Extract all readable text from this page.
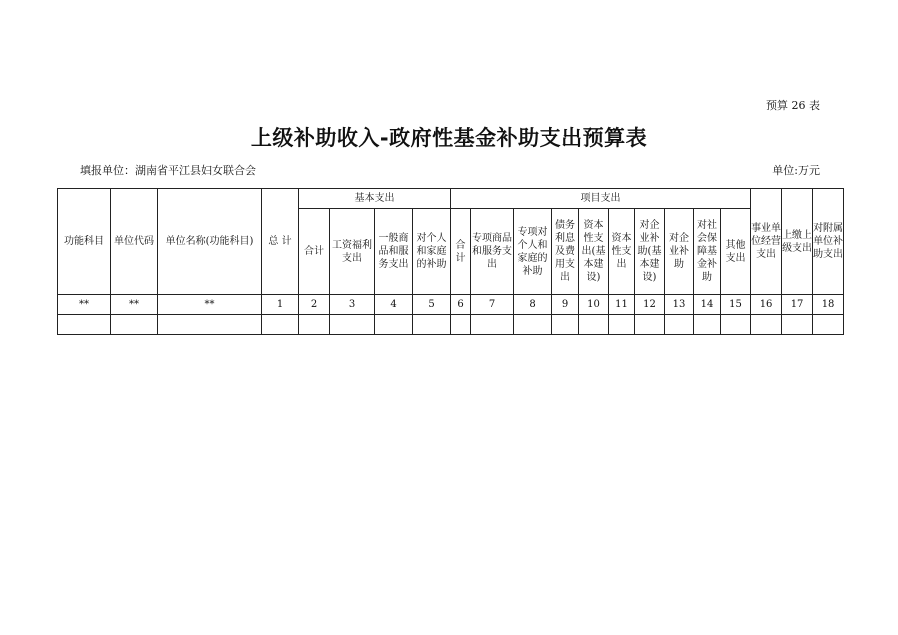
预算 26 表
上级补助收入-政府性基金补助支出预算表
填报单位：湖南省平江县妇女联合会	单位:万元
功能科目	单位代码	单位名称(功能科目)	总 计	基本支出				项目支出										事业单位经营支出	上缴上级支出	对附属单位补助支出
				合计	工资福利支出	一般商品和服务支出	对个人和家庭的补助	合计	专项商品和服务支出	专项对个人和家庭的补助	债务利息及费用支出	资本性支出(基本建设)	资本性支出	对企业补助(基本建设)	对企业补助	对社会保障基金补助	其他支出			
**	**	**	1	2	3	4	5	6	7	8	9	10	11	12	13	14	15	16	17	18
